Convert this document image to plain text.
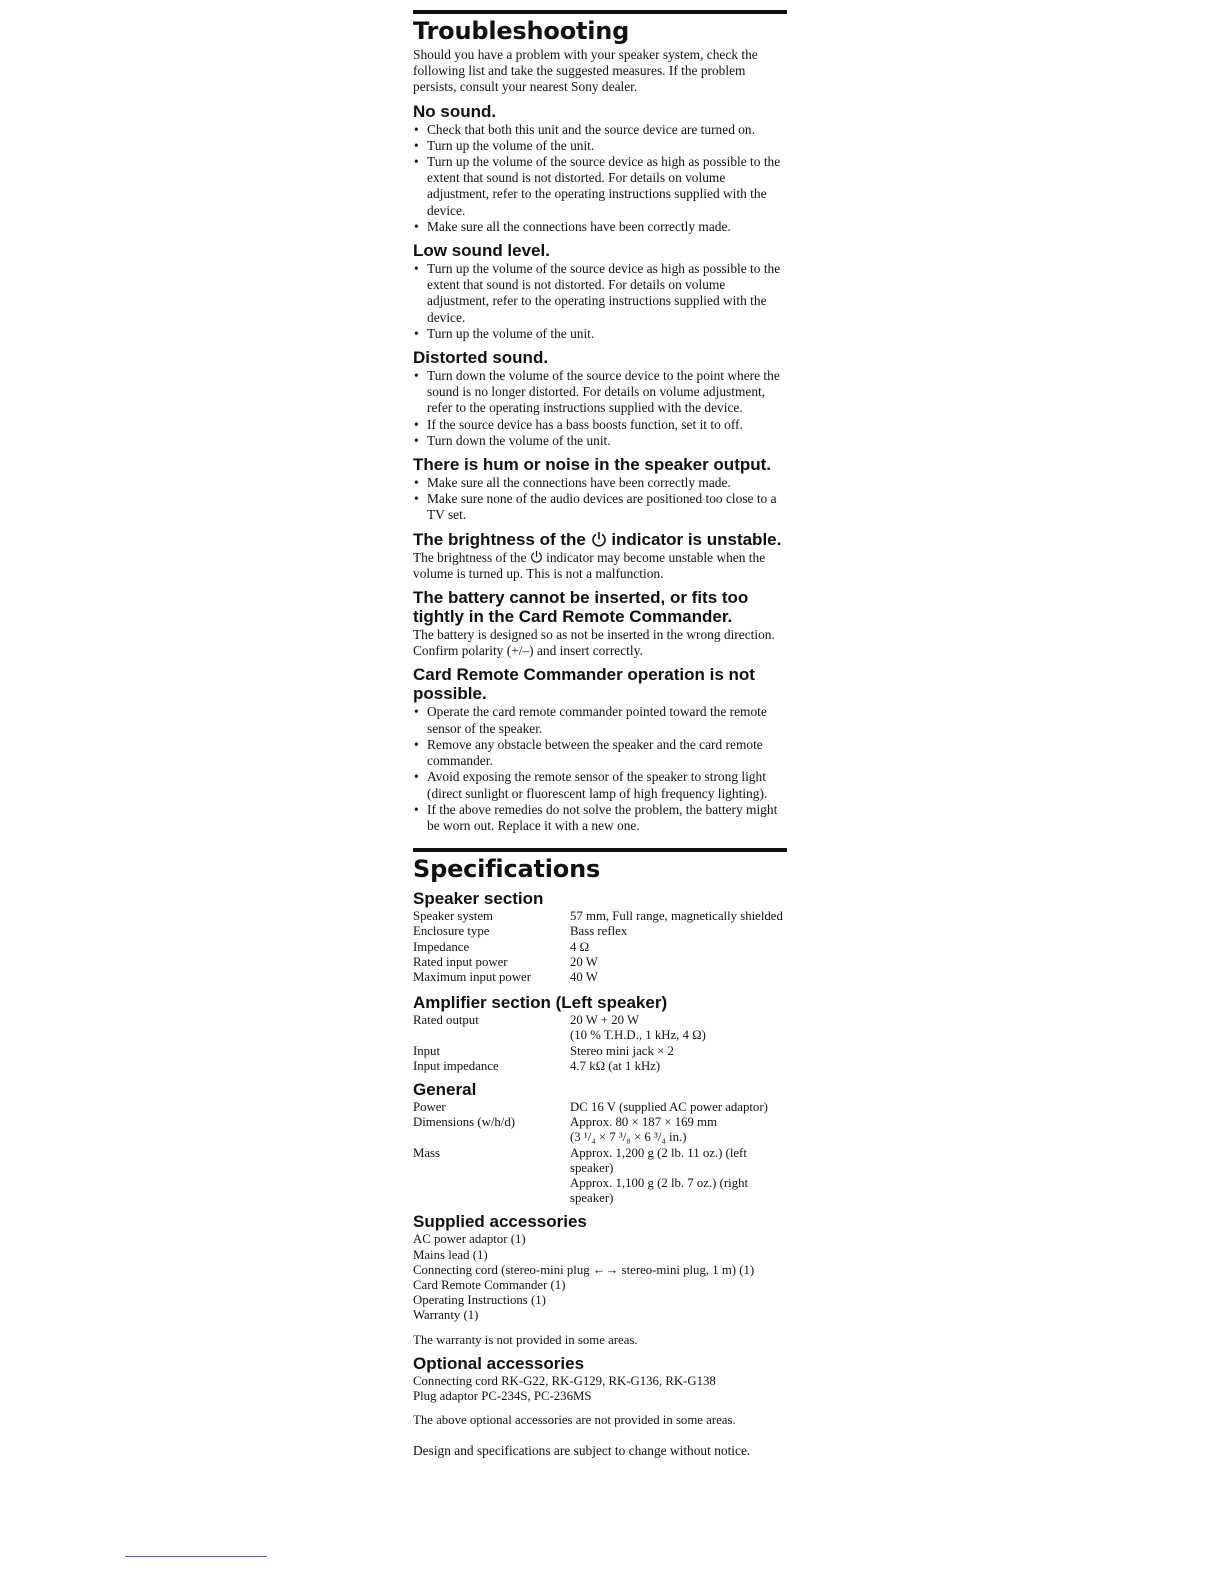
Troubleshooting

Should you have a problem with your speaker system, check the following list and take the suggested measures. If the problem persists, consult your nearest Sony dealer.

No sound.
• Check that both this unit and the source device are turned on.
• Turn up the volume of the unit.
• Turn up the volume of the source device as high as possible to the extent that sound is not distorted. For details on volume adjustment, refer to the operating instructions supplied with the device.
• Make sure all the connections have been correctly made.
Low sound level.
• Turn up the volume of the source device as high as possible to the extent that sound is not distorted. For details on volume adjustment, refer to the operating instructions supplied with the device.
• Turn up the volume of the unit.
Distorted sound.
• Turn down the volume of the source device to the point where the sound is no longer distorted. For details on volume adjustment, refer to the operating instructions supplied with the device.
• If the source device has a bass boosts function, set it to off.
• Turn down the volume of the unit.
There is hum or noise in the speaker output.
• Make sure all the connections have been correctly made.
• Make sure none of the audio devices are positioned too close to a TV set.
The brightness of the indicator is unstable.

The brightness of the indicator may become unstable when the volume is turned up. This is not a malfunction.

The battery cannot be inserted, or fits too tightly in the Card Remote Commander.

The battery is designed so as not be inserted in the wrong direction. Confirm polarity (+/–) and insert correctly.

Card Remote Commander operation is not possible.
• Operate the card remote commander pointed toward the remote sensor of the speaker.
• Remove any obstacle between the speaker and the card remote commander.
• Avoid exposing the remote sensor of the speaker to strong light (direct sunlight or fluorescent lamp of high frequency lighting).
• If the above remedies do not solve the problem, the battery might be worn out. Replace it with a new one.
Specifications
Speaker section
Speaker system	57 mm, Full range, magnetically shielded
Enclosure type	Bass reflex
Impedance	4 Ω
Rated input power	20 W
Maximum input power	40 W
Amplifier section (Left speaker)
Rated output	20 W + 20 W
(10 % T.H.D., 1 kHz, 4 Ω)
Input	Stereo mini jack × 2
Input impedance	4.7 kΩ (at 1 kHz)
General
Power	DC 16 V (supplied AC power adaptor)
Dimensions (w/h/d)	Approx. 80 × 187 × 169 mm
(3 ¹/₄ × 7 ³/₈ × 6 ³/₄ in.)
Mass	Approx. 1,200 g (2 lb. 11 oz.) (left speaker)
Approx. 1,100 g (2 lb. 7 oz.) (right speaker)
Supplied accessories
AC power adaptor (1)
Mains lead (1)
Connecting cord (stereo-mini plug ←→ stereo-mini plug, 1 m) (1)
Card Remote Commander (1)
Operating Instructions (1)
Warranty (1)
The warranty is not provided in some areas.
Optional accessories
Connecting cord RK-G22, RK-G129, RK-G136, RK-G138
Plug adaptor PC-234S, PC-236MS
The above optional accessories are not provided in some areas.
Design and specifications are subject to change without notice.
